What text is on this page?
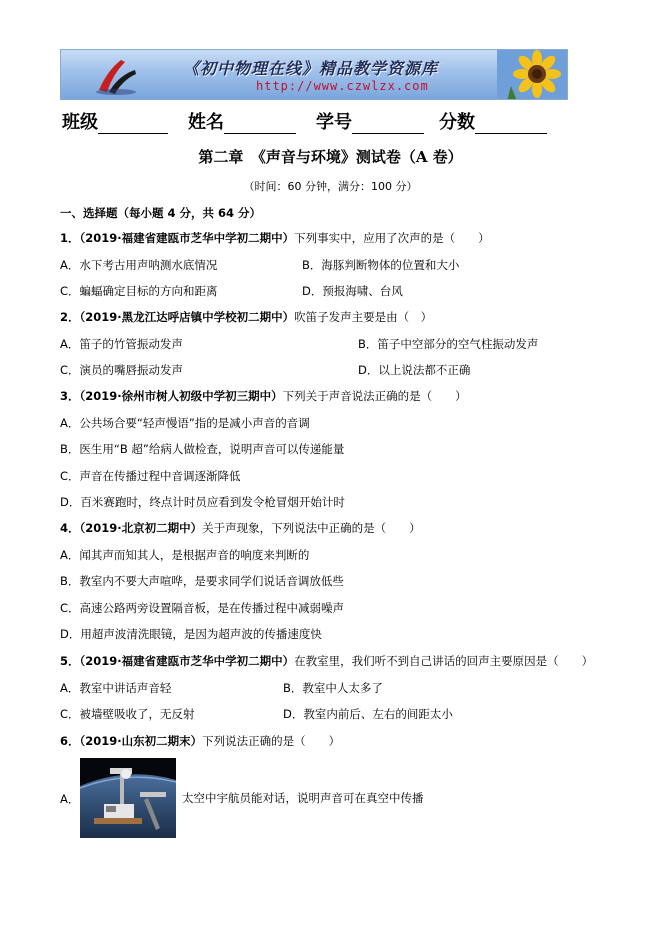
《初中物理在线》精品教学资源库
http://www.czwlzx.com
班级	姓名	学号	分数
第二章　《声音与环境》测试卷（A 卷）
（时间：60 分钟，满分：100 分）
一、选择题（每小题 4 分，共 64 分）
1．（2019·福建省建瓯市芝华中学初二期中）下列事实中，应用了次声的是（　　）
A．水下考古用声呐测水底情况	B．海豚判断物体的位置和大小
C．蝙蝠确定目标的方向和距离	D．预报海啸、台风
2．（2019·黑龙江达呼店镇中学校初二期中）吹笛子发声主要是由（　）
A．笛子的竹管振动发声	B．笛子中空部分的空气柱振动发声
C．演员的嘴唇振动发声	D．以上说法都不正确
3．（2019·徐州市树人初级中学初三期中）下列关于声音说法正确的是（　　）
A．公共场合要“轻声慢语”指的是减小声音的音调
B．医生用“B 超”给病人做检查，说明声音可以传递能量
C．声音在传播过程中音调逐渐降低
D．百米赛跑时，终点计时员应看到发令枪冒烟开始计时
4．（2019·北京初二期中）关于声现象，下列说法中正确的是（　　）
A．闻其声而知其人，是根据声音的响度来判断的
B．教室内不要大声喧哗，是要求同学们说话音调放低些
C．高速公路两旁设置隔音板，是在传播过程中减弱噪声
D．用超声波清洗眼镜，是因为超声波的传播速度快
5．（2019·福建省建瓯市芝华中学初二期中）在教室里，我们听不到自己讲话的回声主要原因是（　　）
A．教室中讲话声音轻	B．教室中人太多了
C．被墙壁吸收了，无反射	D．教室内前后、左右的间距太小
6．（2019·山东初二期末）下列说法正确的是（　　）
A．	太空中宇航员能对话，说明声音可在真空中传播
